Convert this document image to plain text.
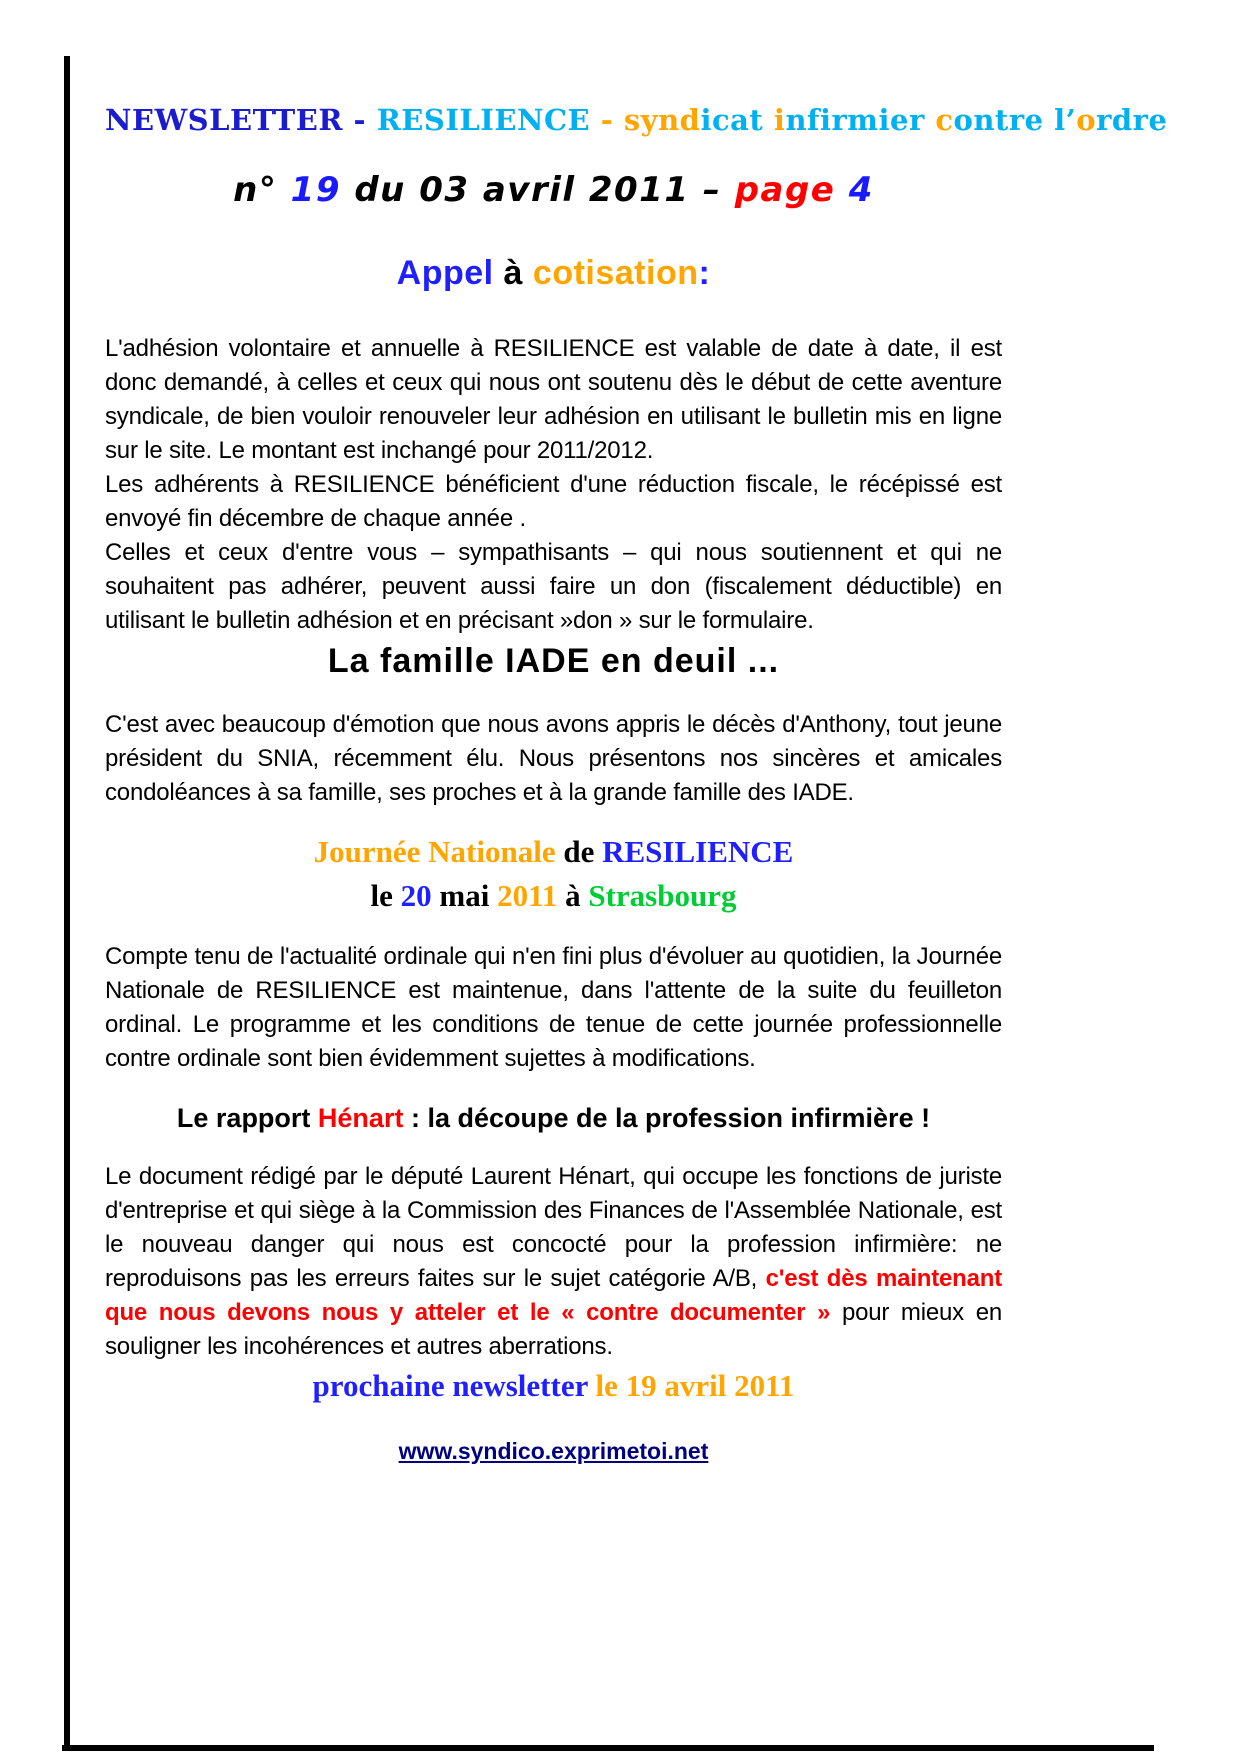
NEWSLETTER - RESILIENCE - syndicat infirmier contre l’ordre
n° 19 du 03 avril 2011 – page 4
Appel à cotisation:

L'adhésion volontaire et annuelle à RESILIENCE est valable de date à date, il est donc demandé, à celles et ceux qui nous ont soutenu dès le début de cette aventure syndicale, de bien vouloir renouveler leur adhésion en utilisant le bulletin mis en ligne sur le site. Le montant est inchangé pour 2011/2012.

Les adhérents à RESILIENCE bénéficient d'une réduction fiscale, le récépissé est envoyé fin décembre de chaque année .

Celles et ceux d'entre vous – sympathisants – qui nous soutiennent et qui ne souhaitent pas adhérer, peuvent aussi faire un don (fiscalement déductible) en utilisant le bulletin adhésion et en précisant »don » sur le formulaire.

La famille IADE en deuil ...

C'est avec beaucoup d'émotion que nous avons appris le décès d'Anthony, tout jeune président du SNIA, récemment élu. Nous présentons nos sincères et amicales condoléances à sa famille, ses proches et à la grande famille des IADE.

Journée Nationale de RESILIENCE
le 20 mai 2011 à Strasbourg

Compte tenu de l'actualité ordinale qui n'en fini plus d'évoluer au quotidien, la Journée Nationale de RESILIENCE est maintenue, dans l'attente de la suite du feuilleton ordinal. Le programme et les conditions de tenue de cette journée professionnelle contre ordinale sont bien évidemment sujettes à modifications.

Le rapport Hénart : la découpe de la profession infirmière !

Le document rédigé par le député Laurent Hénart, qui occupe les fonctions de juriste d'entreprise et qui siège à la Commission des Finances de l'Assemblée Nationale, est le nouveau danger qui nous est concocté pour la profession infirmière: ne reproduisons pas les erreurs faites sur le sujet catégorie A/B, c'est dès maintenant que nous devons nous y atteler et le « contre documenter » pour mieux en souligner les incohérences et autres aberrations.

prochaine newsletter le 19 avril 2011
www.syndico.exprimetoi.net
